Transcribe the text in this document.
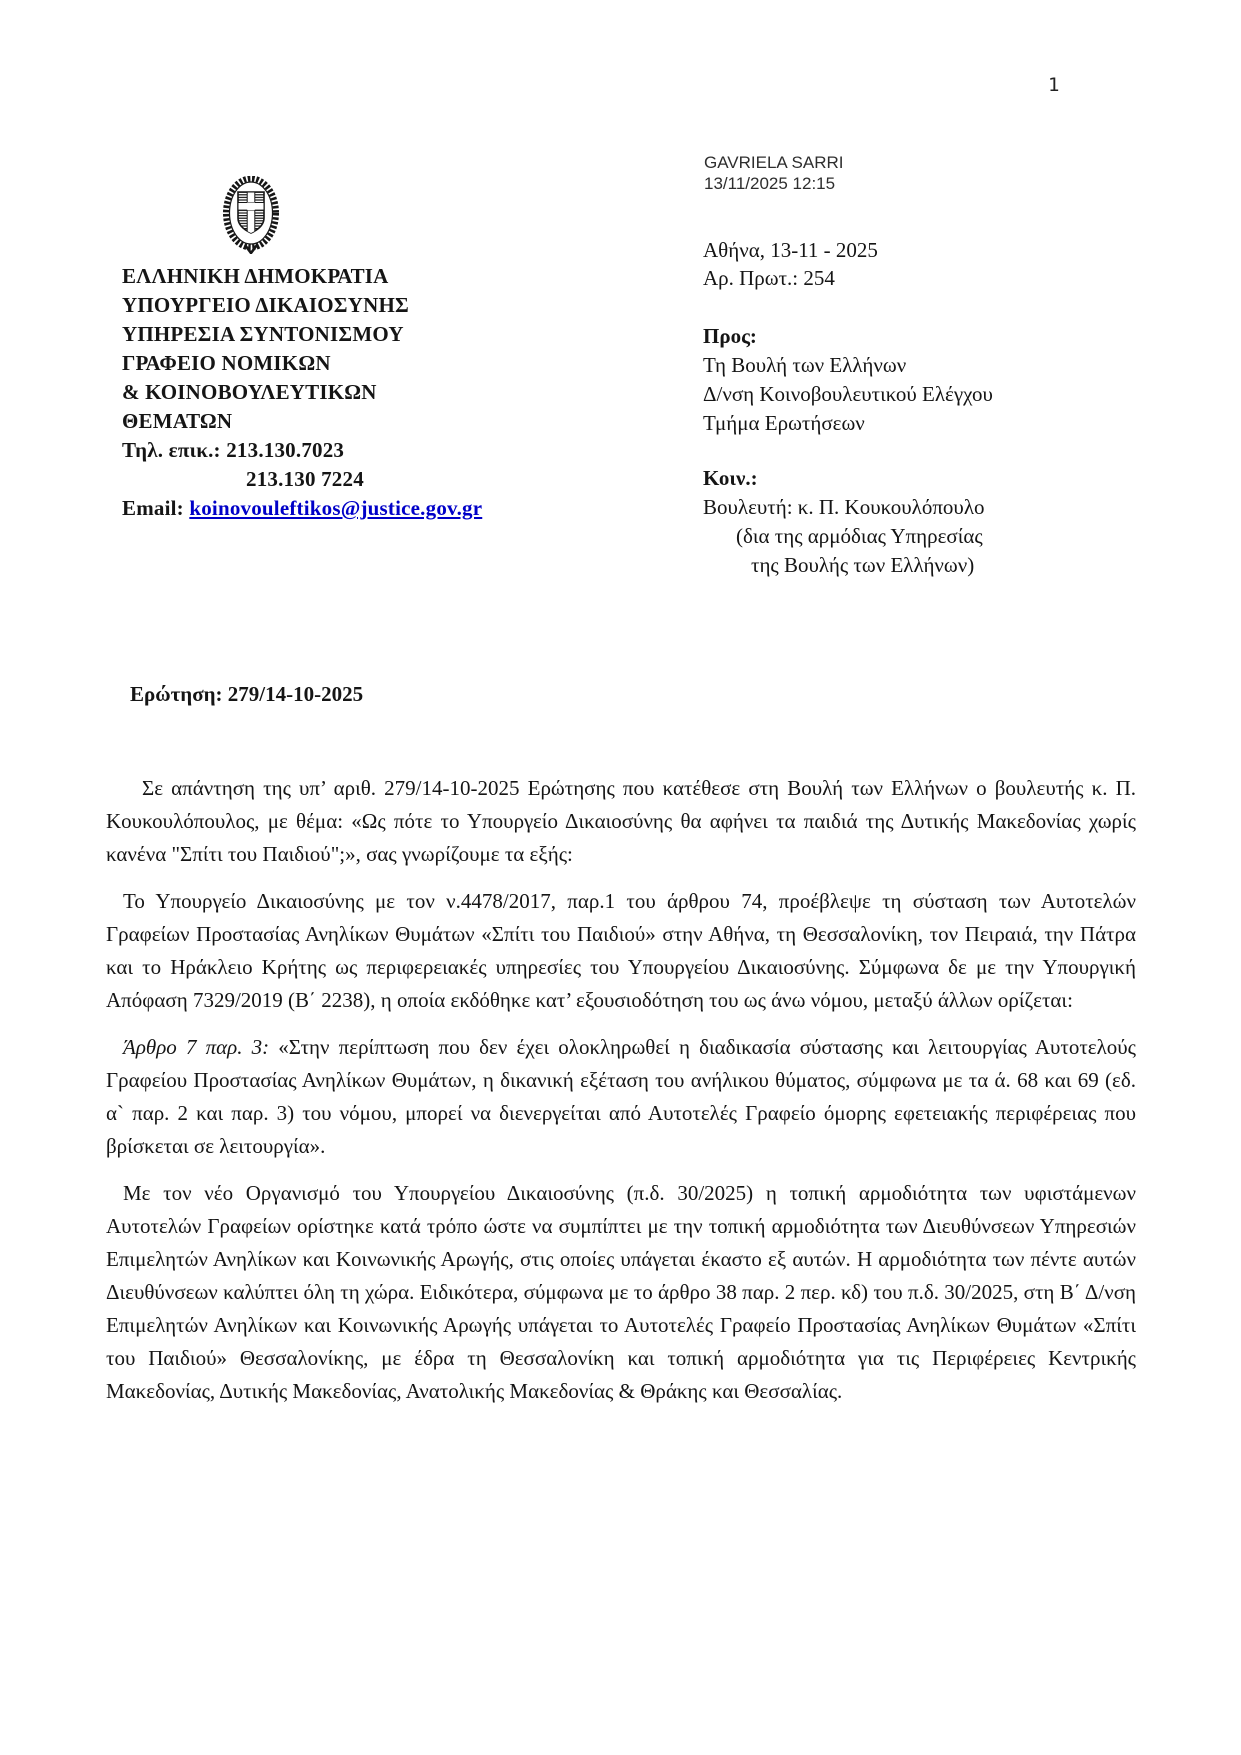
1
GAVRIELA SARRI
13/11/2025 12:15
ΕΛΛΗΝΙΚΗ ΔΗΜΟΚΡΑΤΙΑ
ΥΠΟΥΡΓΕΙΟ ΔΙΚΑΙΟΣΥΝΗΣ
ΥΠΗΡΕΣΙΑ ΣΥΝΤΟΝΙΣΜΟΥ
ΓΡΑΦΕΙΟ ΝΟΜΙΚΩΝ
& ΚΟΙΝΟΒΟΥΛΕΥΤΙΚΩΝ
ΘΕΜΑΤΩΝ
Τηλ. επικ.: 213.130.7023
213.130 7224
Email: koinovouleftikos@justice.gov.gr
Αθήνα, 13-11 - 2025
Αρ. Πρωτ.: 254
Προς:
Τη Βουλή των Ελλήνων
Δ/νση Κοινοβουλευτικού Ελέγχου
Τμήμα Ερωτήσεων
Κοιν.:
Βουλευτή: κ. Π. Κουκουλόπουλο
(δια της αρμόδιας Υπηρεσίας
της Βουλής των Ελλήνων)
Ερώτηση: 279/14-10-2025

Σε απάντηση της υπ’ αριθ. 279/14-10-2025 Ερώτησης που κατέθεσε στη Βουλή των Ελλήνων ο βουλευτής κ. Π. Κουκουλόπουλος, με θέμα: «Ως πότε το Υπουργείο Δικαιοσύνης θα αφήνει τα παιδιά της Δυτικής Μακεδονίας χωρίς κανένα "Σπίτι του Παιδιού";», σας γνωρίζουμε τα εξής:

Το Υπουργείο Δικαιοσύνης με τον ν.4478/2017, παρ.1 του άρθρου 74, προέβλεψε τη σύσταση των Αυτοτελών Γραφείων Προστασίας Ανηλίκων Θυμάτων «Σπίτι του Παιδιού» στην Αθήνα, τη Θεσσαλονίκη, τον Πειραιά, την Πάτρα και το Ηράκλειο Κρήτης ως περιφερειακές υπηρεσίες του Υπουργείου Δικαιοσύνης. Σύμφωνα δε με την Υπουργική Απόφαση 7329/2019 (Β΄ 2238), η οποία εκδόθηκε κατ’ εξουσιοδότηση του ως άνω νόμου, μεταξύ άλλων ορίζεται:

Άρθρο 7 παρ. 3: «Στην περίπτωση που δεν έχει ολοκληρωθεί η διαδικασία σύστασης και λειτουργίας Αυτοτελούς Γραφείου Προστασίας Ανηλίκων Θυμάτων, η δικανική εξέταση του ανήλικου θύματος, σύμφωνα με τα ά. 68 και 69 (εδ. α` παρ. 2 και παρ. 3) του νόμου, μπορεί να διενεργείται από Αυτοτελές Γραφείο όμορης εφετειακής περιφέρειας που βρίσκεται σε λειτουργία».

Με τον νέο Οργανισμό του Υπουργείου Δικαιοσύνης (π.δ. 30/2025) η τοπική αρμοδιότητα των υφιστάμενων Αυτοτελών Γραφείων ορίστηκε κατά τρόπο ώστε να συμπίπτει με την τοπική αρμοδιότητα των Διευθύνσεων Υπηρεσιών Επιμελητών Ανηλίκων και Κοινωνικής Αρωγής, στις οποίες υπάγεται έκαστο εξ αυτών. Η αρμοδιότητα των πέντε αυτών Διευθύνσεων καλύπτει όλη τη χώρα. Ειδικότερα, σύμφωνα με το άρθρο 38 παρ. 2 περ. κδ) του π.δ. 30/2025, στη Β΄ Δ/νση Επιμελητών Ανηλίκων και Κοινωνικής Αρωγής υπάγεται το Αυτοτελές Γραφείο Προστασίας Ανηλίκων Θυμάτων «Σπίτι του Παιδιού» Θεσσαλονίκης, με έδρα τη Θεσσαλονίκη και τοπική αρμοδιότητα για τις Περιφέρειες Κεντρικής Μακεδονίας, Δυτικής Μακεδονίας, Ανατολικής Μακεδονίας & Θράκης και Θεσσαλίας.
